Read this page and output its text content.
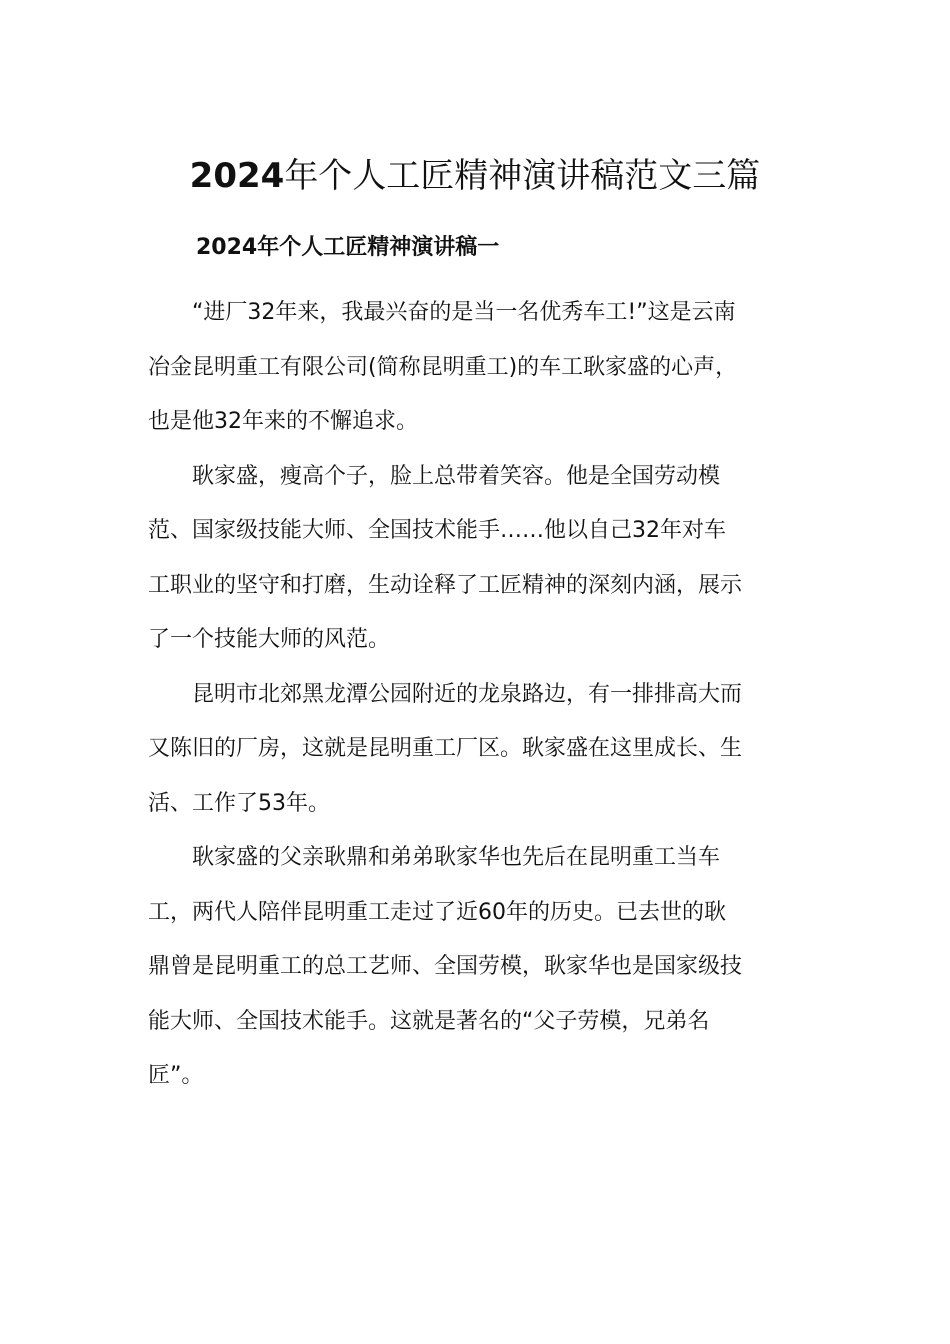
2024年个人工匠精神演讲稿范文三篇
2024年个人工匠精神演讲稿一

“进厂32年来，我最兴奋的是当一名优秀车工!”这是云南
冶金昆明重工有限公司(简称昆明重工)的车工耿家盛的心声，
也是他32年来的不懈追求。

耿家盛，瘦高个子，脸上总带着笑容。他是全国劳动模
范、国家级技能大师、全国技术能手……他以自己32年对车
工职业的坚守和打磨，生动诠释了工匠精神的深刻内涵，展示
了一个技能大师的风范。

昆明市北郊黑龙潭公园附近的龙泉路边，有一排排高大而
又陈旧的厂房，这就是昆明重工厂区。耿家盛在这里成长、生
活、工作了53年。

耿家盛的父亲耿鼎和弟弟耿家华也先后在昆明重工当车
工，两代人陪伴昆明重工走过了近60年的历史。已去世的耿
鼎曾是昆明重工的总工艺师、全国劳模，耿家华也是国家级技
能大师、全国技术能手。这就是著名的“父子劳模，兄弟名
匠”。
